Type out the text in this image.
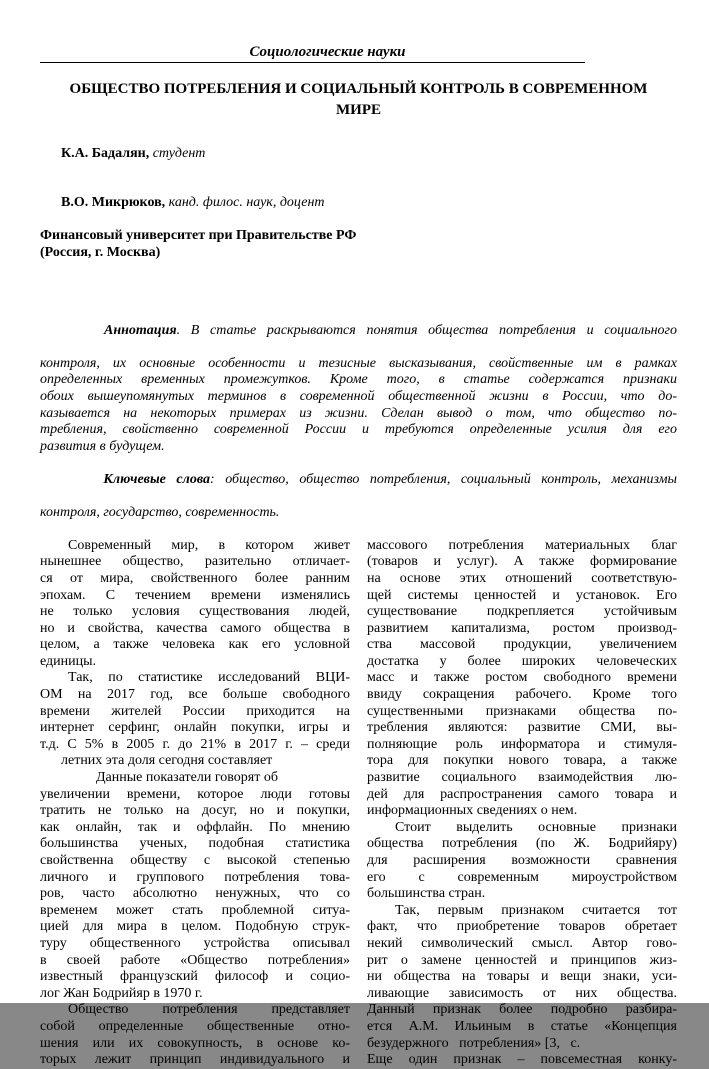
Социологические науки
ОБЩЕСТВО ПОТРЕБЛЕНИЯ И СОЦИАЛЬНЫЙ КОНТРОЛЬ В СОВРЕМЕННОМ
МИРЕ

К.А. Бадалян, студент

В.О. Микрюков, канд. филос. наук, доцент

Финансовый университет при Правительстве РФ
(Россия, г. Москва)

Аннотация. В статье раскрываются понятия общества потребления и социального

контроля, их основные особенности и тезисные высказывания, свойственные им в рамках
определенных временных промежутков. Кроме того, в статье содержатся признаки
обоих вышеупомянутых терминов в современной общественной жизни в России, что до-
казывается на некоторых примерах из жизни. Сделан вывод о том, что общество по-
требления, свойственно современной России и требуются определенные усилия для его
развития в будущем.

Ключевые слова: общество, общество потребления, социальный контроль, механизмы

контроля, государство, современность.
Современный мир, в котором живет
нынешнее общество, разительно отличает-
ся от мира, свойственного более ранним
эпохам. С течением времени изменялись
не только условия существования людей,
но и свойства, качества самого общества в
целом, а также человека как его условной
единицы.
Так, по статистике исследований ВЦИ-
ОМ на 2017 год, все больше свободного
времени жителей России приходится на
интернет серфинг, онлайн покупки, игры и
т.д. С 5% в 2005 г. до 21% в 2017 г. – среди
летних эта доля сегодня составляет
Данные показатели говорят об
увеличении времени, которое люди готовы
тратить не только на досуг, но и покупки,
как онлайн, так и оффлайн. По мнению
большинства ученых, подобная статистика
свойственна обществу с высокой степенью
личного и группового потребления това-
ров, часто абсолютно ненужных, что со
временем может стать проблемной ситуа-
цией для мира в целом. Подобную струк-
туру общественного устройства описывал
в своей работе «Общество потребления»
известный французский философ и социо-
лог Жан Бодрийяр в 1970 г.
Общество потребления представляет
собой определенные общественные отно-
шения или их совокупность, в основе ко-
торых лежит принцип индивидуального и
массового потребления материальных благ
(товаров и услуг). А также формирование
на основе этих отношений соответствую-
щей системы ценностей и установок. Его
существование подкрепляется устойчивым
развитием капитализма, ростом производ-
ства массовой продукции, увеличением
достатка у более широких человеческих
масс и также ростом свободного времени
ввиду сокращения рабочего. Кроме того
существенными признаками общества по-
требления являются: развитие СМИ, вы-
полняющие роль информатора и стимуля-
тора для покупки нового товара, а также
развитие социального взаимодействия лю-
дей для распространения самого товара и
информационных сведениях о нем.
Стоит выделить основные признаки
общества потребления (по Ж. Бодрийяру)
для расширения возможности сравнения
его с современным мироустройством
большинства стран.
Так, первым признаком считается тот
факт, что приобретение товаров обретает
некий символический смысл. Автор гово-
рит о замене ценностей и принципов жиз-
ни общества на товары и вещи знаки, уси-
ливающие зависимость от них общества.
Данный признак более подробно разбира-
ется А.М. Ильиным в статье «Концепция
безудержного   потребления» [3,   с.
Еще один признак – повсеместная конку-
